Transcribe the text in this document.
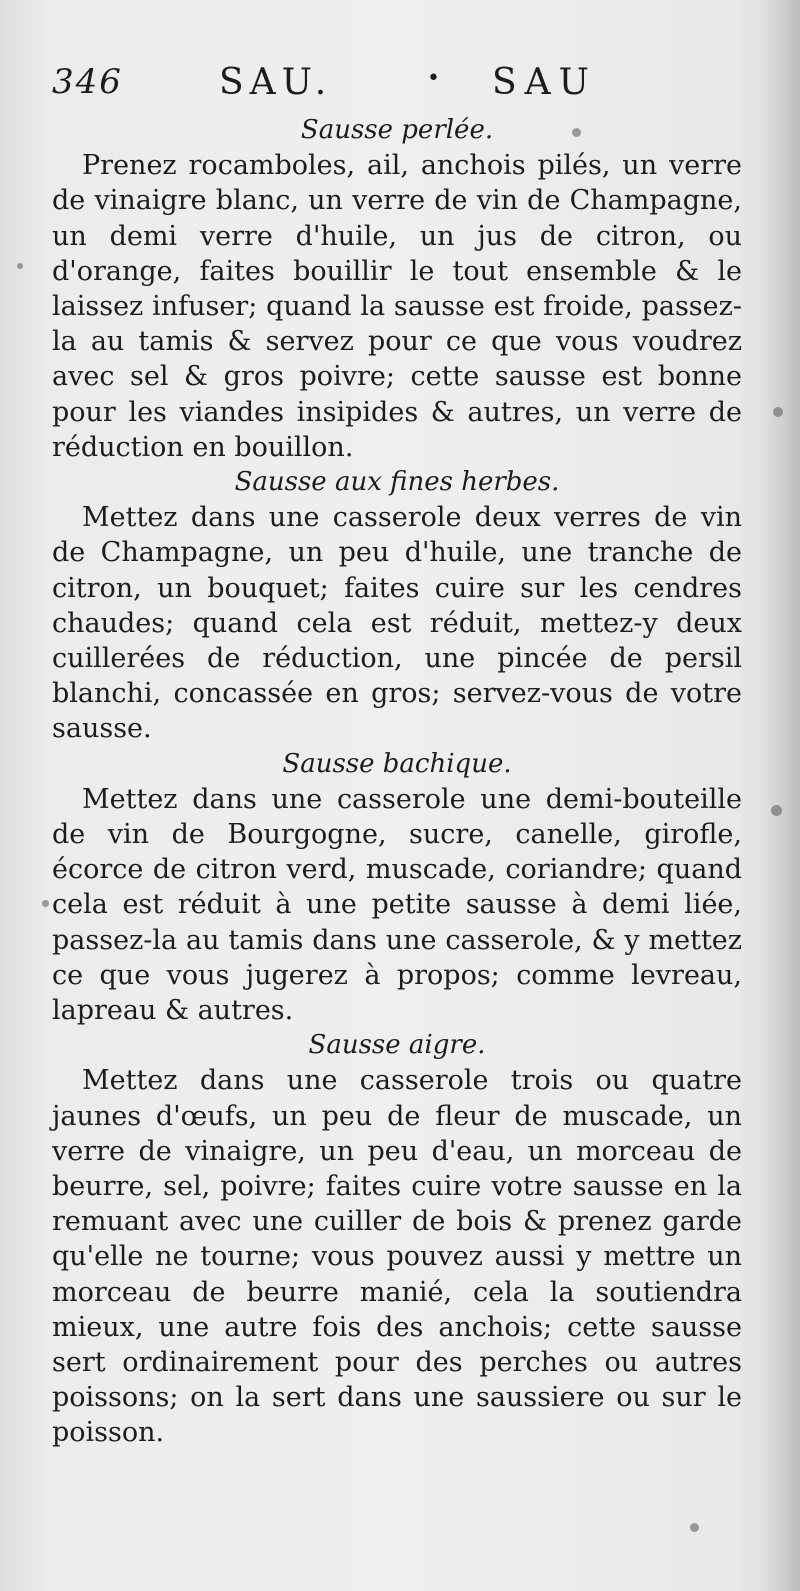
346	SAU.	• SAU
Sausse perlée.

Prenez rocamboles, ail, anchois pilés, un verre de vinaigre blanc, un verre de vin de Champagne, un demi verre d'huile, un jus de citron, ou d'orange, faites bouillir le tout ensemble & le laissez infuser; quand la sausse est froide, passez-la au tamis & servez pour ce que vous voudrez avec sel & gros poivre; cette sausse est bonne pour les viandes insipides & autres, un verre de réduction en bouillon.

Sausse aux fines herbes.

Mettez dans une casserole deux verres de vin de Champagne, un peu d'huile, une tranche de citron, un bouquet; faites cuire sur les cendres chaudes; quand cela est réduit, mettez-y deux cuillerées de réduction, une pincée de persil blanchi, concassée en gros; servez-vous de votre sausse.

Sausse bachique.

Mettez dans une casserole une demi-bouteille de vin de Bourgogne, sucre, canelle, girofle, écorce de citron verd, muscade, coriandre; quand cela est réduit à une petite sausse à demi liée, passez-la au tamis dans une casserole, & y mettez ce que vous jugerez à propos; comme levreau, lapreau & autres.

Sausse aigre.

Mettez dans une casserole trois ou quatre jaunes d'œufs, un peu de fleur de muscade, un verre de vinaigre, un peu d'eau, un morceau de beurre, sel, poivre; faites cuire votre sausse en la remuant avec une cuiller de bois & prenez garde qu'elle ne tourne; vous pouvez aussi y mettre un morceau de beurre manié, cela la soutiendra mieux, une autre fois des anchois; cette sausse sert ordinairement pour des perches ou autres poissons; on la sert dans une saussiere ou sur le poisson.
